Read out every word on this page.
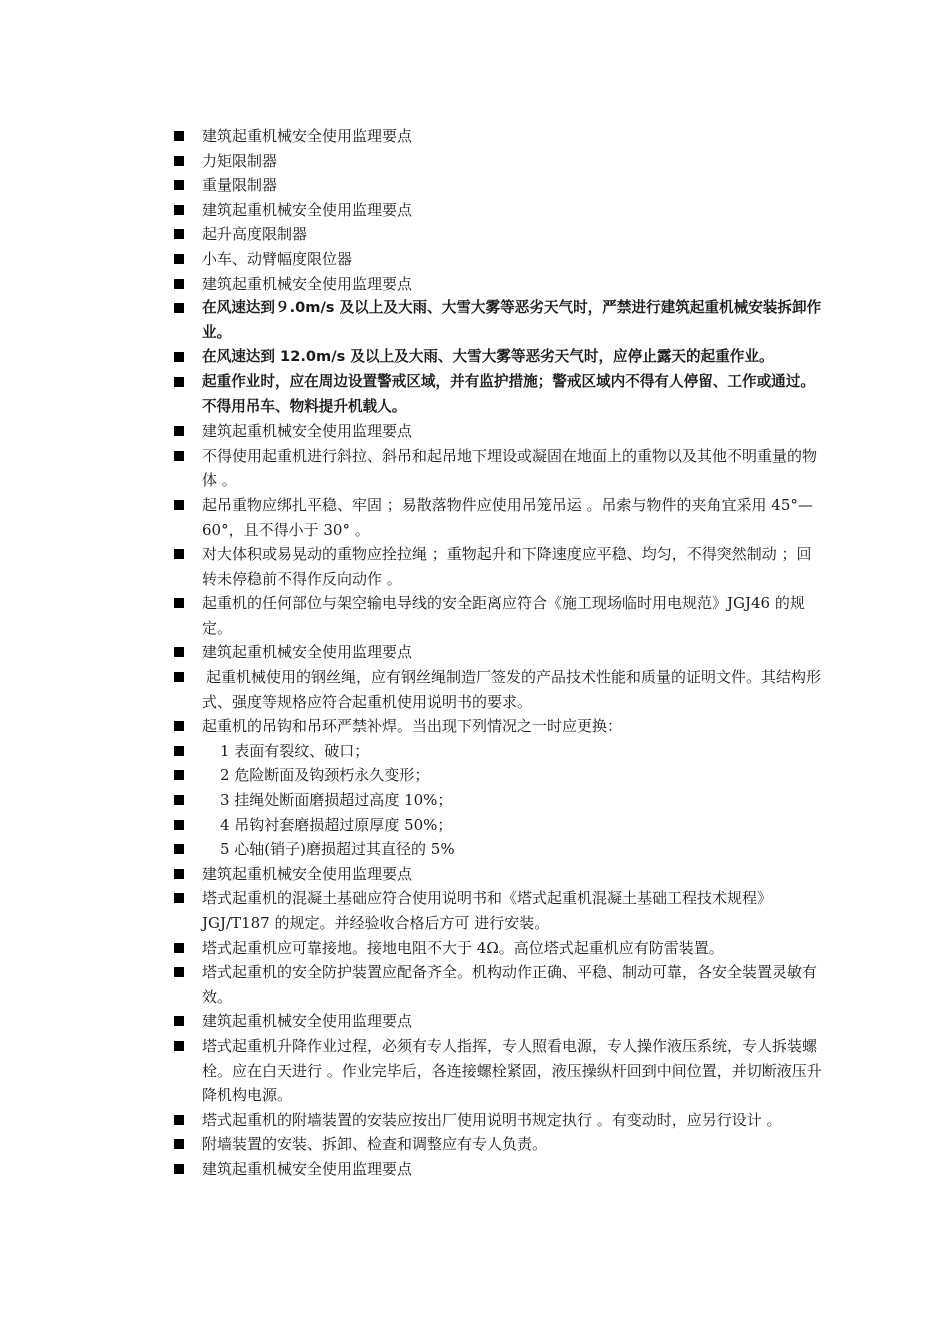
建筑起重机械安全使用监理要点
力矩限制器
重量限制器
建筑起重机械安全使用监理要点
起升高度限制器
小车、动臂幅度限位器
建筑起重机械安全使用监理要点
在风速达到９.0m/s 及以上及大雨、大雪大雾等恶劣天气时，严禁进行建筑起重机械安装拆卸作业。
在风速达到 12.0m/s 及以上及大雨、大雪大雾等恶劣天气时，应停止露天的起重作业。
起重作业时，应在周边设置警戒区域，并有监护措施；警戒区域内不得有人停留、工作或通过。不得用吊车、物料提升机载人。
建筑起重机械安全使用监理要点
不得使用起重机进行斜拉、斜吊和起吊地下埋设或凝固在地面上的重物以及其他不明重量的物体 。
起吊重物应绑扎平稳、牢固 ；易散落物件应使用吊笼吊运 。吊索与物件的夹角宜采用 45°—60°，且不得小于 30° 。
对大体积或易晃动的重物应拴拉绳 ；重物起升和下降速度应平稳、均匀，不得突然制动 ；回转未停稳前不得作反向动作 。
起重机的任何部位与架空输电导线的安全距离应符合《施工现场临时用电规范》JGJ46 的规定。
建筑起重机械安全使用监理要点
起重机械使用的钢丝绳，应有钢丝绳制造厂签发的产品技术性能和质量的证明文件。其结构形式、强度等规格应符合起重机使用说明书的要求。
起重机的吊钩和吊环严禁补焊。当出现下列情况之一时应更换：
1 表面有裂纹、破口；
2 危险断面及钩颈朽永久变形；
3 挂绳处断面磨损超过高度 10%；
4 吊钩衬套磨损超过原厚度 50%；
5 心轴(销子)磨损超过其直径的 5%
建筑起重机械安全使用监理要点
塔式起重机的混凝土基础应符合使用说明书和《塔式起重机混凝土基础工程技术规程》JGJ/T187 的规定。并经验收合格后方可 进行安装。
塔式起重机应可靠接地。接地电阻不大于 4Ω。高位塔式起重机应有防雷装置。
塔式起重机的安全防护装置应配备齐全。机构动作正确、平稳、制动可靠，各安全装置灵敏有效。
建筑起重机械安全使用监理要点
塔式起重机升降作业过程，必须有专人指挥，专人照看电源，专人操作液压系统，专人拆装螺栓。应在白天进行 。作业完毕后，各连接螺栓紧固，液压操纵杆回到中间位置，并切断液压升降机构电源。
塔式起重机的附墙装置的安装应按出厂使用说明书规定执行 。有变动时，应另行设计 。
附墙装置的安装、拆卸、检查和调整应有专人负责。
建筑起重机械安全使用监理要点
